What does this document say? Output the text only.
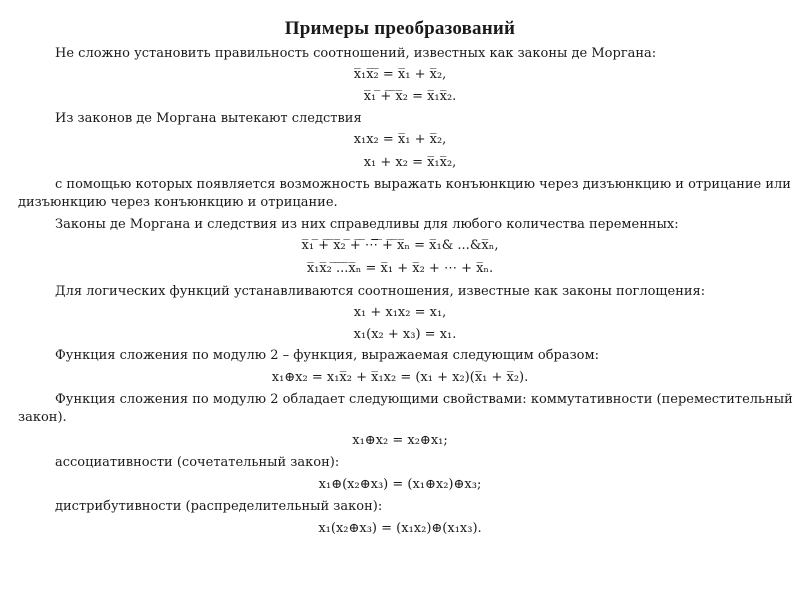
Примеры преобразований
Не сложно установить правильность соотношений, известных как законы де Моргана:
x̅₁x̅₂̅ = x̅₁ + x̅₂,
x̅₁ ̅+̅ ̅x̅₂ = x̅₁x̅₂.
Из законов де Моргана вытекают следствия
x₁x₂ = x̅₁ + x̅₂,
x₁ + x₂ = x̅₁x̅₂,
с помощью которых появляется возможность выражать конъюнкцию через дизъюнкцию и отрицание или
дизъюнкцию через конъюнкцию и отрицание.
Законы де Моргана и следствия из них справедливы для любого количества переменных:
x̅₁ ̅+̅ ̅x̅₂ ̅+̅ ̅⋯̅ ̅+̅ ̅x̅ₙ = x̅₁& ...&x̅ₙ,
x̅₁x̅₂ ̅.̅.̅.̅x̅ₙ = x̅₁ + x̅₂ + ⋯ + x̅ₙ.
Для логических функций устанавливаются соотношения, известные как законы поглощения:
x₁ + x₁x₂ = x₁,
x₁(x₂ + x₃) = x₁.
Функция сложения по модулю 2 – функция, выражаемая следующим образом:
x₁⊕x₂ = x₁x̅₂ + x̅₁x₂ = (x₁ + x₂)(x̅₁ + x̅₂).
Функция сложения по модулю 2 обладает следующими свойствами: коммутативности (переместительный
закон).
x₁⊕x₂ = x₂⊕x₁;
ассоциативности (сочетательный закон):
x₁⊕(x₂⊕x₃) = (x₁⊕x₂)⊕x₃;
дистрибутивности (распределительный закон):
x₁(x₂⊕x₃) = (x₁x₂)⊕(x₁x₃).
